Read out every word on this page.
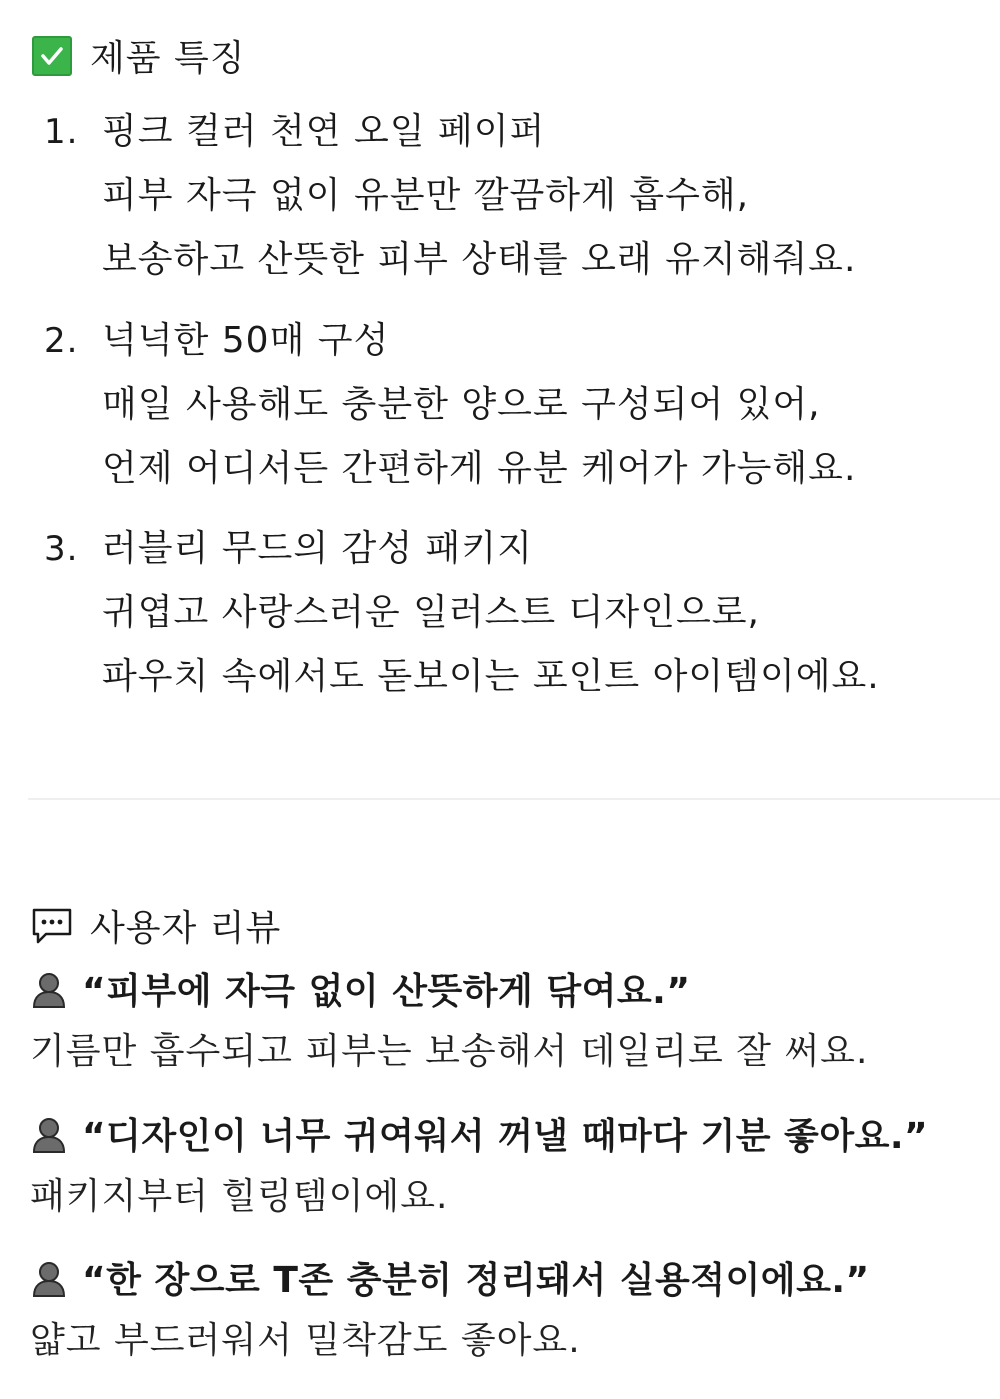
제품 특징
1. 핑크 컬러 천연 오일 페이퍼
피부 자극 없이 유분만 깔끔하게 흡수해,
보송하고 산뜻한 피부 상태를 오래 유지해줘요.
2. 넉넉한 50매 구성
매일 사용해도 충분한 양으로 구성되어 있어,
언제 어디서든 간편하게 유분 케어가 가능해요.
3. 러블리 무드의 감성 패키지
귀엽고 사랑스러운 일러스트 디자인으로,
파우치 속에서도 돋보이는 포인트 아이템이에요.
사용자 리뷰
“피부에 자극 없이 산뜻하게 닦여요.”
기름만 흡수되고 피부는 보송해서 데일리로 잘 써요.
“디자인이 너무 귀여워서 꺼낼 때마다 기분 좋아요.”
패키지부터 힐링템이에요.
“한 장으로 T존 충분히 정리돼서 실용적이에요.”
얇고 부드러워서 밀착감도 좋아요.
